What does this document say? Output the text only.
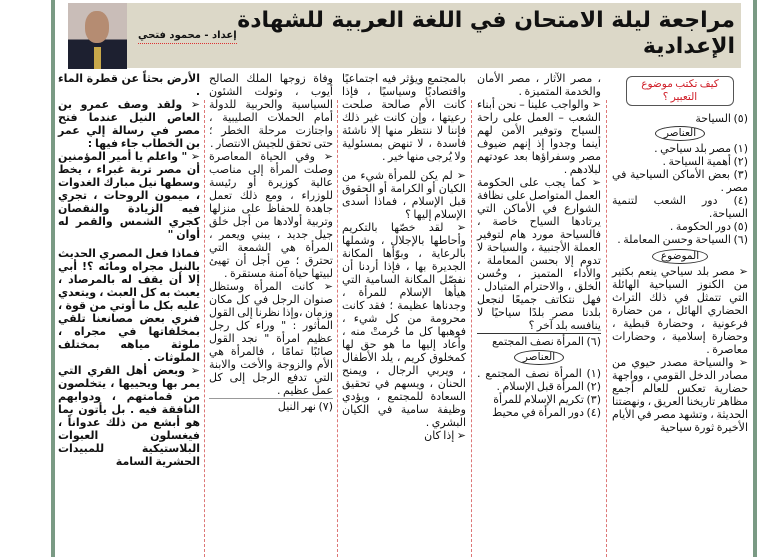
مراجعة ليلة الامتحان في اللغة العربية للشهادة الإعدادية
إعداد - محمود فتحي
كيف تكتب موضوع التعبير ؟

(٥) السياحة

العناصر

(١) مصر بلد سياحي .

(٢) أهمية السياحة .

(٣) بعض الأماكن السياحية في مصر .

(٤) دور الشعب لتنمية السياحة.

(٥) دور الحكومة .

(٦) السياحة وحسن المعاملة .

الموضوع

➢ مصر بلد سياحي ينعم بكثير من الكنوز السياحية الهائلة التي تتمثل في ذلك التراث الحضاري الهائل ، من حضارة فرعونية ، وحضارة قبطية ، وحضارة إسلامية ، وحضارات معاصرة .

➢ والسياحة مصدر حيوي من مصادر الدخل القومي ، وواجهة حضارية تعكس للعالم أجمع مظاهر تاريخنا العريق ، ونهضتنا الحديثة ، وتشهد مصر في الأيام الأخيرة ثورة سياحية

، مصر الآثار ، مصر الأمان والخدمة المتميزة .

➢ والواجب علينا – نحن أبناء الشعب – العمل على راحة السياح وتوفير الأمن لهم أينما وجدوا إذ إنهم ضيوف مصر وسفراؤها بعد عودتهم لبلادهم .

➢ كما يجب على الحكومة العمل المتواصل على نظافة الشوارع في الأماكن التي يرتادها السياح خاصة ، فالسياحة مورد هام لتوفير العملة الأجنبية ، والسياحة لا تدوم إلا بحسن المعاملة ، والأداء المتميز ، وحُسن الخلق ، والاحترام المتبادل . فهل نتكاتف جميعًا لنجعل بلدنا مصر بلدًا سياحيًا لا ينافسه بلد آخر ؟

(٦) المرأة نصف المجتمع

العناصر

(١) المرأة نصف المجتمع . (٢) المرأة قبل الإسلام .

(٣) تكريم الإسلام للمرأة

(٤) دور المرأة في محيط

بالمجتمع ويؤثر فيه اجتماعيًا واقتصاديًا وسياسيًا ، فإذا كانت الأم صالحة صلحت رعيتها ، وإن كانت غير ذلك فإننا لا ننتظر منها إلا ناشئة فاسدة ، لا تنهض بمسئولية ولا يُرجى منها خير .

➢ لم يكن للمرأة شيء من الكيان أو الكرامة أو الحقوق قبل الإسلام ، فماذا أسدى الإسلام إليها ؟

➢ لقد خصّها بالتكريم وأحاطها بالإجلال ، وشملها بالرعاية ، وبوّأها المكانة الجديرة بها ، فإذا أردنا أن نفصّل المكانة السامية التي هيأها الإسلام للمرأة ، وجدناها عظيمة ؛ فقد كانت محرومة من كل شيء ، فوهبها كل ما حُرمتْ منه ، وأعاد إليها ما هو حق لها كمخلوق كريم ، يلد الأطفال ، ويربي الرجال ، ويمنح الحنان ، ويسهم في تحقيق السعادة للمجتمع ، ويؤدي وظيفة سامية في الكيان البشري .

➢ إذا كان

وفاة زوجها الملك الصالح أيوب ، وتولت الشئون السياسية والحربية للدولة أمام الحملات الصليبية ، واجتازت مرحلة الخطر ؛ حتى تحقق للجيش الانتصار .

➢ وفي الحياة المعاصرة وصلت المرأة إلى مناصب عالية كوزيرة أو رئيسة للوزراء ، ومع ذلك تعمل جاهدة للحفاظ على منزلها وتربية أولادها من أجل خلق جيل جديد ، يبني ويعمر ، المرأة هي الشمعة التي تحترق ؛ من أجل أن تهيئ لبيتها حياة آمنة مستقرة .

➢ كانت المرأة وستظل صنوان الرجل في كل مكان وزمان ،وإذا نظرنا إلى القول المأثور : " وراء كل رجل عظيم امرأة " نجد القول صائبًا تمامًا ، فالمرأة هي الأم والزوجة والأخت والابنة التي تدفع الرجل إلى كل عمل عظيم .

(٧) نهر النيل

الأرض بحثاً عن قطرة الماء .

➢ ولقد وصف عمرو بن العاص النيل عندما فتح مصر في رسالة إلي عمر بن الخطاب جاء فيها :

➢ " واعلم يا أمير المؤمنين أن مصر تربة غبراء ، يخط وسطها نيل مبارك الغدوات ، ميمون الروحات ، تجري فيه الزيادة والنقصان كجري الشمس والقمر له أوان "

فماذا فعل المصري الحديث بالنيل مجراه ومائه ؟! أبي إلا أن يقف له بالمرصاد ، يعبث به كل العبث ، ويتعدي عليه بكل ما أوتي من قوة ، فنري بعض مصانعنا تلقي بمخلفاتها في مجراه ، ملوثة مياهه بمختلف الملوثات .

➢ وبعض أهل القري التي يمر بها ويحييها ، يتخلصون من قمامتهم ، ودوابهم النافقة فيه . بل يأتون بما هو أبشع من ذلك عدواناً ، فيغسلون العبوات البلاستيكية للمبيدات الحشرية السامة
